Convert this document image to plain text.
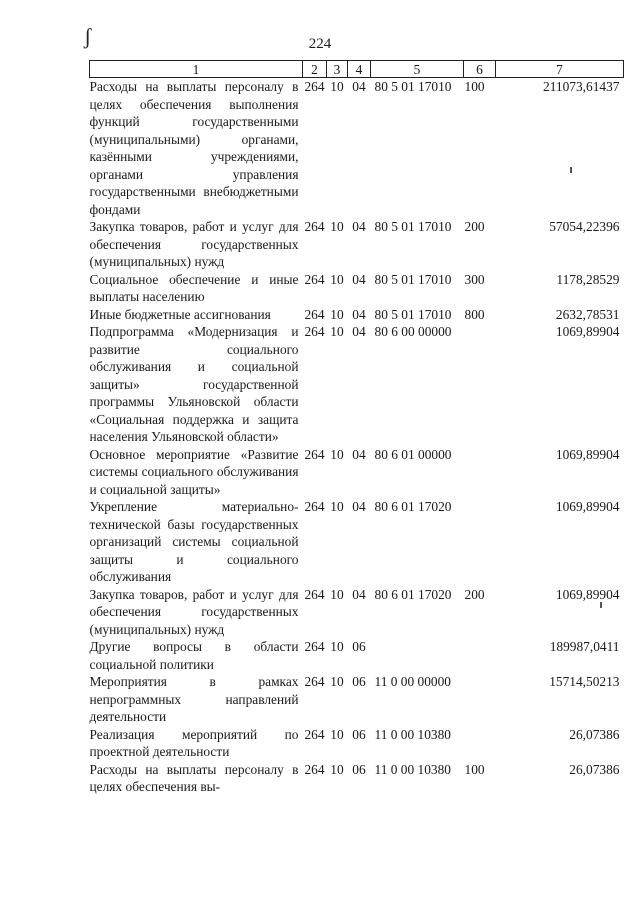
ʃ	224
1	2	3	4	5	6	7
Расходы на выплаты персоналу в целях обеспечения выполнения функций государственными (муниципальными) органами, казёнными учреждениями, органами управления государственными внебюджетными фондами	264	10	04	80 5 01 17010	100	211073,61437
Закупка товаров, работ и услуг для обеспечения государственных (муниципальных) нужд	264	10	04	80 5 01 17010	200	57054,22396
Социальное обеспечение и иные выплаты населению	264	10	04	80 5 01 17010	300	1178,28529
Иные бюджетные ассигнования	264	10	04	80 5 01 17010	800	2632,78531
Подпрограмма «Модернизация и развитие социального обслуживания и социальной защиты» государственной программы Ульяновской области «Социальная поддержка и защита населения Ульяновской области»	264	10	04	80 6 00 00000		1069,89904
Основное мероприятие «Развитие системы социального обслуживания и социальной защиты»	264	10	04	80 6 01 00000		1069,89904
Укрепление материально-технической базы государственных организаций системы социальной защиты и социального обслуживания	264	10	04	80 6 01 17020		1069,89904
Закупка товаров, работ и услуг для обеспечения государственных (муниципальных) нужд	264	10	04	80 6 01 17020	200	1069,89904
Другие вопросы в области социальной политики	264	10	06			189987,0411
Мероприятия в рамках непрограммных направлений деятельности	264	10	06	11 0 00 00000		15714,50213
Реализация мероприятий по проектной деятельности	264	10	06	11 0 00 10380		26,07386
Расходы на выплаты персоналу в целях обеспечения вы-	264	10	06	11 0 00 10380	100	26,07386
